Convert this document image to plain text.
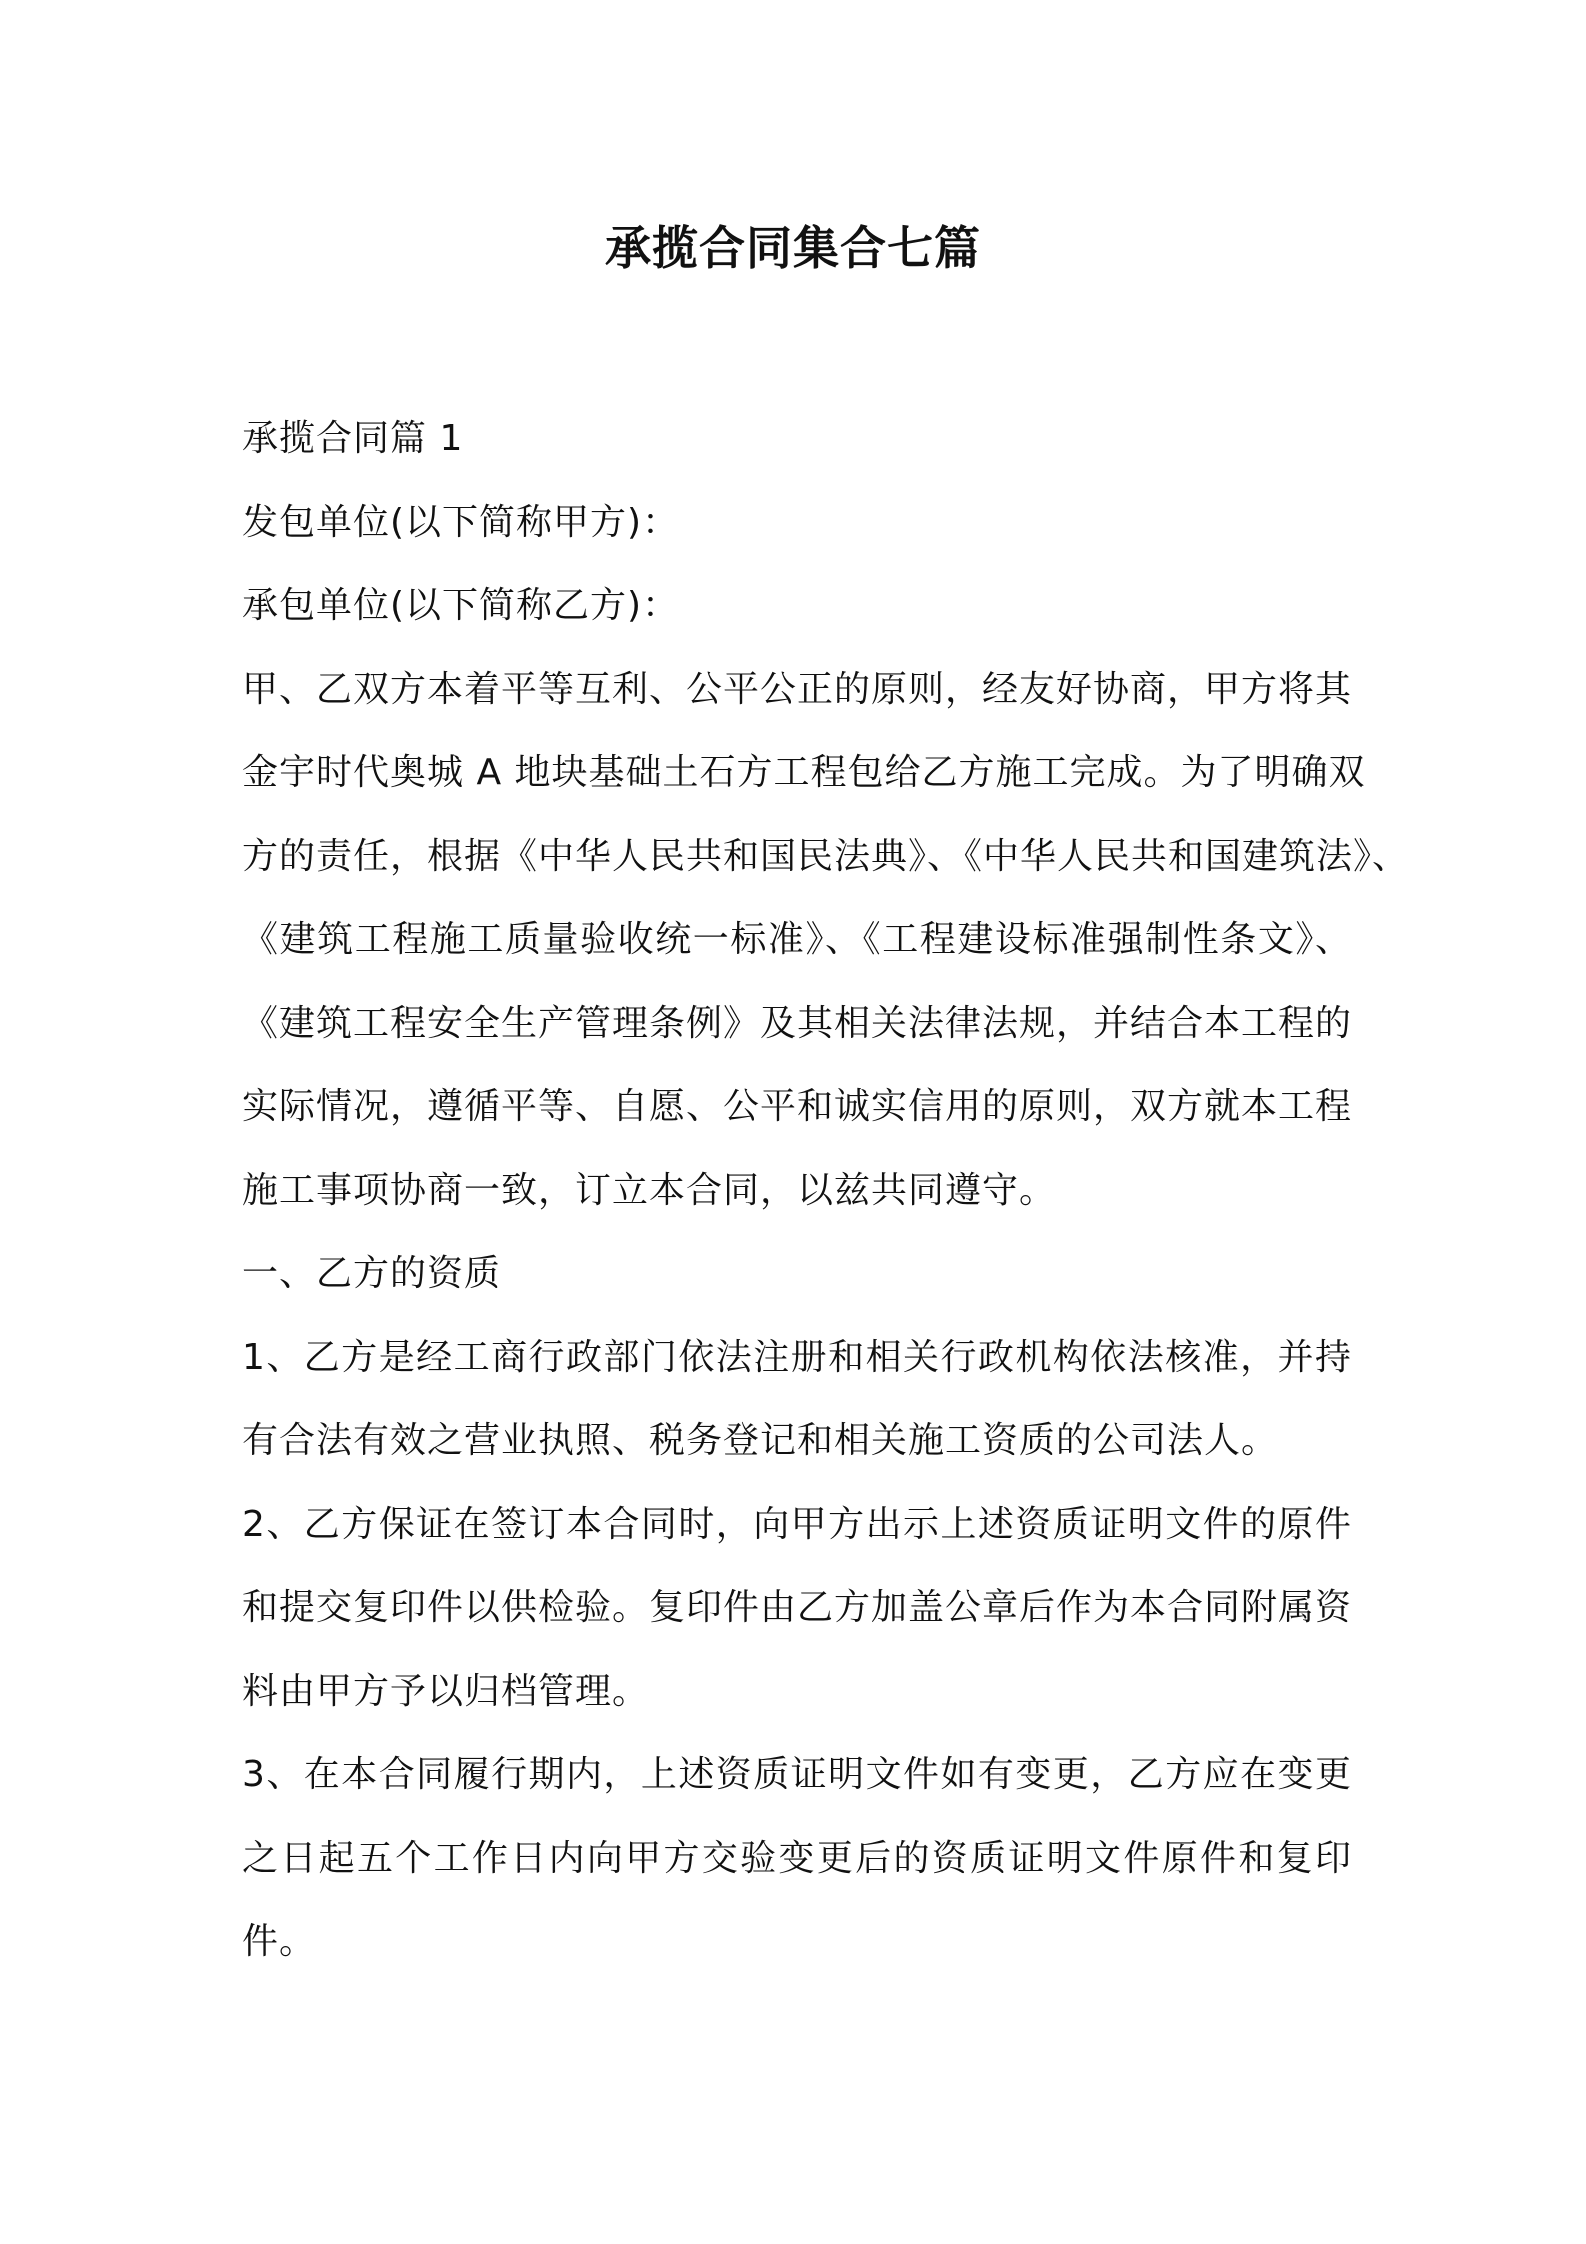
承揽合同集合七篇
承揽合同篇 1
发包单位(以下简称甲方)：
承包单位(以下简称乙方)：
甲、乙双方本着平等互利、公平公正的原则，经友好协商，甲方将其
金宇时代奥城 A 地块基础土石方工程包给乙方施工完成。为了明确双
方的责任，根据《中华人民共和国民法典》、《中华人民共和国建筑法》、
《建筑工程施工质量验收统一标准》、《工程建设标准强制性条文》、
《建筑工程安全生产管理条例》及其相关法律法规，并结合本工程的
实际情况，遵循平等、自愿、公平和诚实信用的原则，双方就本工程
施工事项协商一致，订立本合同，以兹共同遵守。
一、乙方的资质
1、乙方是经工商行政部门依法注册和相关行政机构依法核准，并持
有合法有效之营业执照、税务登记和相关施工资质的公司法人。
2、乙方保证在签订本合同时，向甲方出示上述资质证明文件的原件
和提交复印件以供检验。复印件由乙方加盖公章后作为本合同附属资
料由甲方予以归档管理。
3、在本合同履行期内，上述资质证明文件如有变更，乙方应在变更
之日起五个工作日内向甲方交验变更后的资质证明文件原件和复印
件。
